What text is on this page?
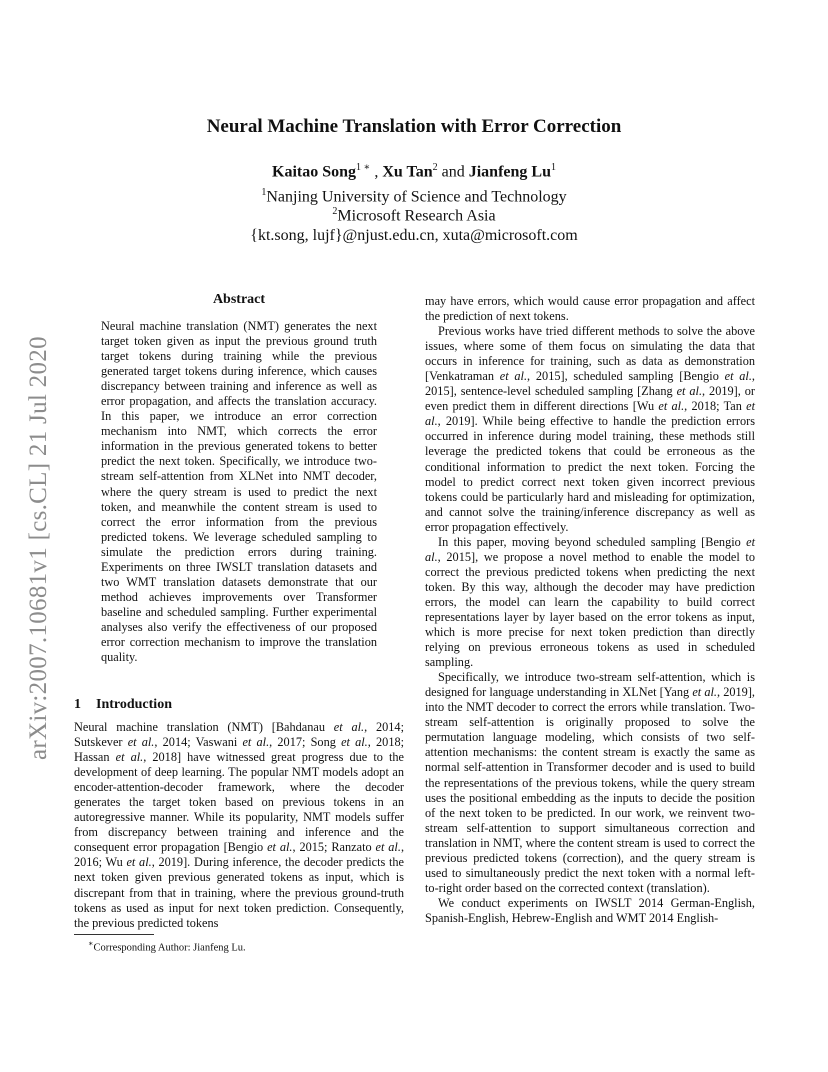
arXiv:2007.10681v1 [cs.CL] 21 Jul 2020
Neural Machine Translation with Error Correction
Kaitao Song$^{1 ∗}$ , Xu Tan$^2$ and Jianfeng Lu$^1$
$^1$Nanjing University of Science and Technology
$^2$Microsoft Research Asia
{kt.song, lujf}@njust.edu.cn, xuta@microsoft.com
Abstract

Neural machine translation (NMT) generates the next target token given as input the previous ground truth target tokens during training while the previous generated target tokens during inference, which causes discrepancy between training and inference as well as error propagation, and affects the translation accuracy. In this paper, we introduce an error correction mechanism into NMT, which corrects the error information in the previous generated tokens to better predict the next token. Specifically, we introduce two-stream self-attention from XLNet into NMT decoder, where the query stream is used to predict the next token, and meanwhile the content stream is used to correct the error information from the previous predicted tokens. We leverage scheduled sampling to simulate the prediction errors during training. Experiments on three IWSLT translation datasets and two WMT translation datasets demonstrate that our method achieves improvements over Transformer baseline and scheduled sampling. Further experimental analyses also verify the effectiveness of our proposed error correction mechanism to improve the translation quality.

1 Introduction

Neural machine translation (NMT) [Bahdanau et al., 2014; Sutskever et al., 2014; Vaswani et al., 2017; Song et al., 2018; Hassan et al., 2018] have witnessed great progress due to the development of deep learning. The popular NMT models adopt an encoder-attention-decoder framework, where the decoder generates the target token based on previous tokens in an autoregressive manner. While its popularity, NMT models suffer from discrepancy between training and inference and the consequent error propagation [Bengio et al., 2015; Ranzato et al., 2016; Wu et al., 2019]. During inference, the decoder predicts the next token given previous generated tokens as input, which is discrepant from that in training, where the previous ground-truth tokens as used as input for next token prediction. Consequently, the previous predicted tokens

may have errors, which would cause error propagation and affect the prediction of next tokens.

Previous works have tried different methods to solve the above issues, where some of them focus on simulating the data that occurs in inference for training, such as data as demonstration [Venkatraman et al., 2015], scheduled sampling [Bengio et al., 2015], sentence-level scheduled sampling [Zhang et al., 2019], or even predict them in different directions [Wu et al., 2018; Tan et al., 2019]. While being effective to handle the prediction errors occurred in inference during model training, these methods still leverage the predicted tokens that could be erroneous as the conditional information to predict the next token. Forcing the model to predict correct next token given incorrect previous tokens could be particularly hard and misleading for optimization, and cannot solve the training/inference discrepancy as well as error propagation effectively.

In this paper, moving beyond scheduled sampling [Bengio et al., 2015], we propose a novel method to enable the model to correct the previous predicted tokens when predicting the next token. By this way, although the decoder may have prediction errors, the model can learn the capability to build correct representations layer by layer based on the error tokens as input, which is more precise for next token prediction than directly relying on previous erroneous tokens as used in scheduled sampling.

Specifically, we introduce two-stream self-attention, which is designed for language understanding in XLNet [Yang et al., 2019], into the NMT decoder to correct the errors while translation. Two-stream self-attention is originally proposed to solve the permutation language modeling, which consists of two self-attention mechanisms: the content stream is exactly the same as normal self-attention in Transformer decoder and is used to build the representations of the previous tokens, while the query stream uses the positional embedding as the inputs to decide the position of the next token to be predicted. In our work, we reinvent two-stream self-attention to support simultaneous correction and translation in NMT, where the content stream is used to correct the previous predicted tokens (correction), and the query stream is used to simultaneously predict the next token with a normal left-to-right order based on the corrected context (translation).

We conduct experiments on IWSLT 2014 German-English, Spanish-English, Hebrew-English and WMT 2014 English-

∗Corresponding Author: Jianfeng Lu.
